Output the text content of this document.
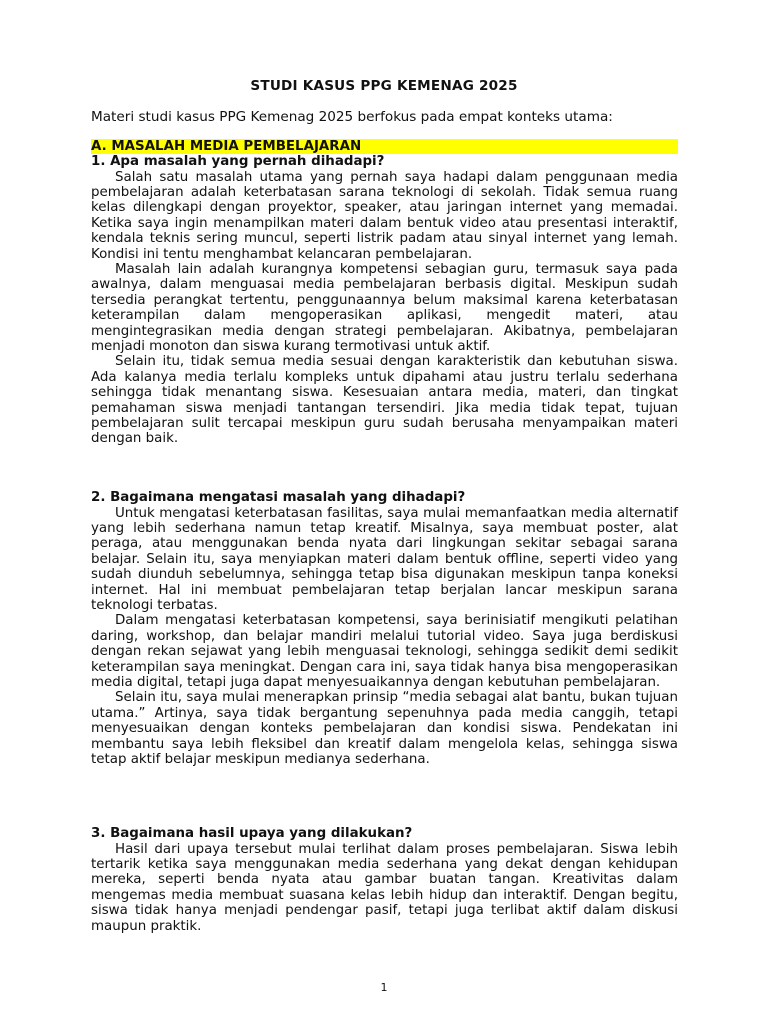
STUDI KASUS PPG KEMENAG 2025
Materi studi kasus PPG Kemenag 2025 berfokus pada empat konteks utama:
A. MASALAH MEDIA PEMBELAJARAN

1. Apa masalah yang pernah dihadapi?

Salah satu masalah utama yang pernah saya hadapi dalam penggunaan media pembelajaran adalah keterbatasan sarana teknologi di sekolah. Tidak semua ruang kelas dilengkapi dengan proyektor, speaker, atau jaringan internet yang memadai. Ketika saya ingin menampilkan materi dalam bentuk video atau presentasi interaktif, kendala teknis sering muncul, seperti listrik padam atau sinyal internet yang lemah. Kondisi ini tentu menghambat kelancaran pembelajaran.

Masalah lain adalah kurangnya kompetensi sebagian guru, termasuk saya pada awalnya, dalam menguasai media pembelajaran berbasis digital. Meskipun sudah tersedia perangkat tertentu, penggunaannya belum maksimal karena keterbatasan keterampilan dalam mengoperasikan aplikasi, mengedit materi, atau mengintegrasikan media dengan strategi pembelajaran. Akibatnya, pembelajaran menjadi monoton dan siswa kurang termotivasi untuk aktif.

Selain itu, tidak semua media sesuai dengan karakteristik dan kebutuhan siswa. Ada kalanya media terlalu kompleks untuk dipahami atau justru terlalu sederhana sehingga tidak menantang siswa. Kesesuaian antara media, materi, dan tingkat pemahaman siswa menjadi tantangan tersendiri. Jika media tidak tepat, tujuan pembelajaran sulit tercapai meskipun guru sudah berusaha menyampaikan materi dengan baik.

2. Bagaimana mengatasi masalah yang dihadapi?

Untuk mengatasi keterbatasan fasilitas, saya mulai memanfaatkan media alternatif yang lebih sederhana namun tetap kreatif. Misalnya, saya membuat poster, alat peraga, atau menggunakan benda nyata dari lingkungan sekitar sebagai sarana belajar. Selain itu, saya menyiapkan materi dalam bentuk offline, seperti video yang sudah diunduh sebelumnya, sehingga tetap bisa digunakan meskipun tanpa koneksi internet. Hal ini membuat pembelajaran tetap berjalan lancar meskipun sarana teknologi terbatas.

Dalam mengatasi keterbatasan kompetensi, saya berinisiatif mengikuti pelatihan daring, workshop, dan belajar mandiri melalui tutorial video. Saya juga berdiskusi dengan rekan sejawat yang lebih menguasai teknologi, sehingga sedikit demi sedikit keterampilan saya meningkat. Dengan cara ini, saya tidak hanya bisa mengoperasikan media digital, tetapi juga dapat menyesuaikannya dengan kebutuhan pembelajaran.

Selain itu, saya mulai menerapkan prinsip “media sebagai alat bantu, bukan tujuan utama.” Artinya, saya tidak bergantung sepenuhnya pada media canggih, tetapi menyesuaikan dengan konteks pembelajaran dan kondisi siswa. Pendekatan ini membantu saya lebih fleksibel dan kreatif dalam mengelola kelas, sehingga siswa tetap aktif belajar meskipun medianya sederhana.

3. Bagaimana hasil upaya yang dilakukan?

Hasil dari upaya tersebut mulai terlihat dalam proses pembelajaran. Siswa lebih tertarik ketika saya menggunakan media sederhana yang dekat dengan kehidupan mereka, seperti benda nyata atau gambar buatan tangan. Kreativitas dalam mengemas media membuat suasana kelas lebih hidup dan interaktif. Dengan begitu, siswa tidak hanya menjadi pendengar pasif, tetapi juga terlibat aktif dalam diskusi maupun praktik.

1
